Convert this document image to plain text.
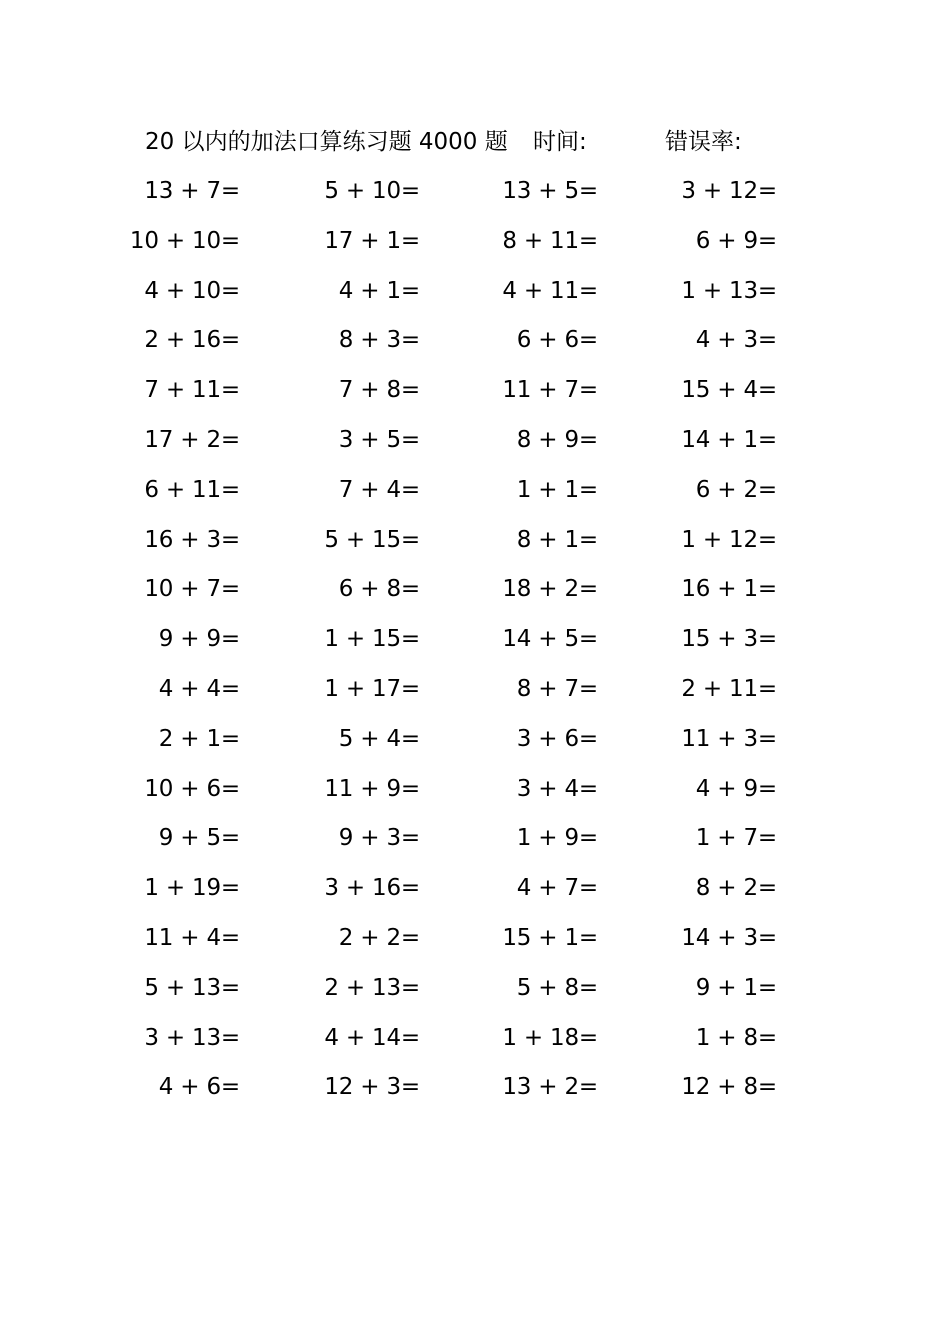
20 以内的加法口算练习题 4000 题 时间:	错误率:
13 + 7=	5 + 10=	13 + 5=	3 + 12=
10 + 10=	17 + 1=	8 + 11=	6 + 9=
4 + 10=	4 + 1=	4 + 11=	1 + 13=
2 + 16=	8 + 3=	6 + 6=	4 + 3=
7 + 11=	7 + 8=	11 + 7=	15 + 4=
17 + 2=	3 + 5=	8 + 9=	14 + 1=
6 + 11=	7 + 4=	1 + 1=	6 + 2=
16 + 3=	5 + 15=	8 + 1=	1 + 12=
10 + 7=	6 + 8=	18 + 2=	16 + 1=
9 + 9=	1 + 15=	14 + 5=	15 + 3=
4 + 4=	1 + 17=	8 + 7=	2 + 11=
2 + 1=	5 + 4=	3 + 6=	11 + 3=
10 + 6=	11 + 9=	3 + 4=	4 + 9=
9 + 5=	9 + 3=	1 + 9=	1 + 7=
1 + 19=	3 + 16=	4 + 7=	8 + 2=
11 + 4=	2 + 2=	15 + 1=	14 + 3=
5 + 13=	2 + 13=	5 + 8=	9 + 1=
3 + 13=	4 + 14=	1 + 18=	1 + 8=
4 + 6=	12 + 3=	13 + 2=	12 + 8=
